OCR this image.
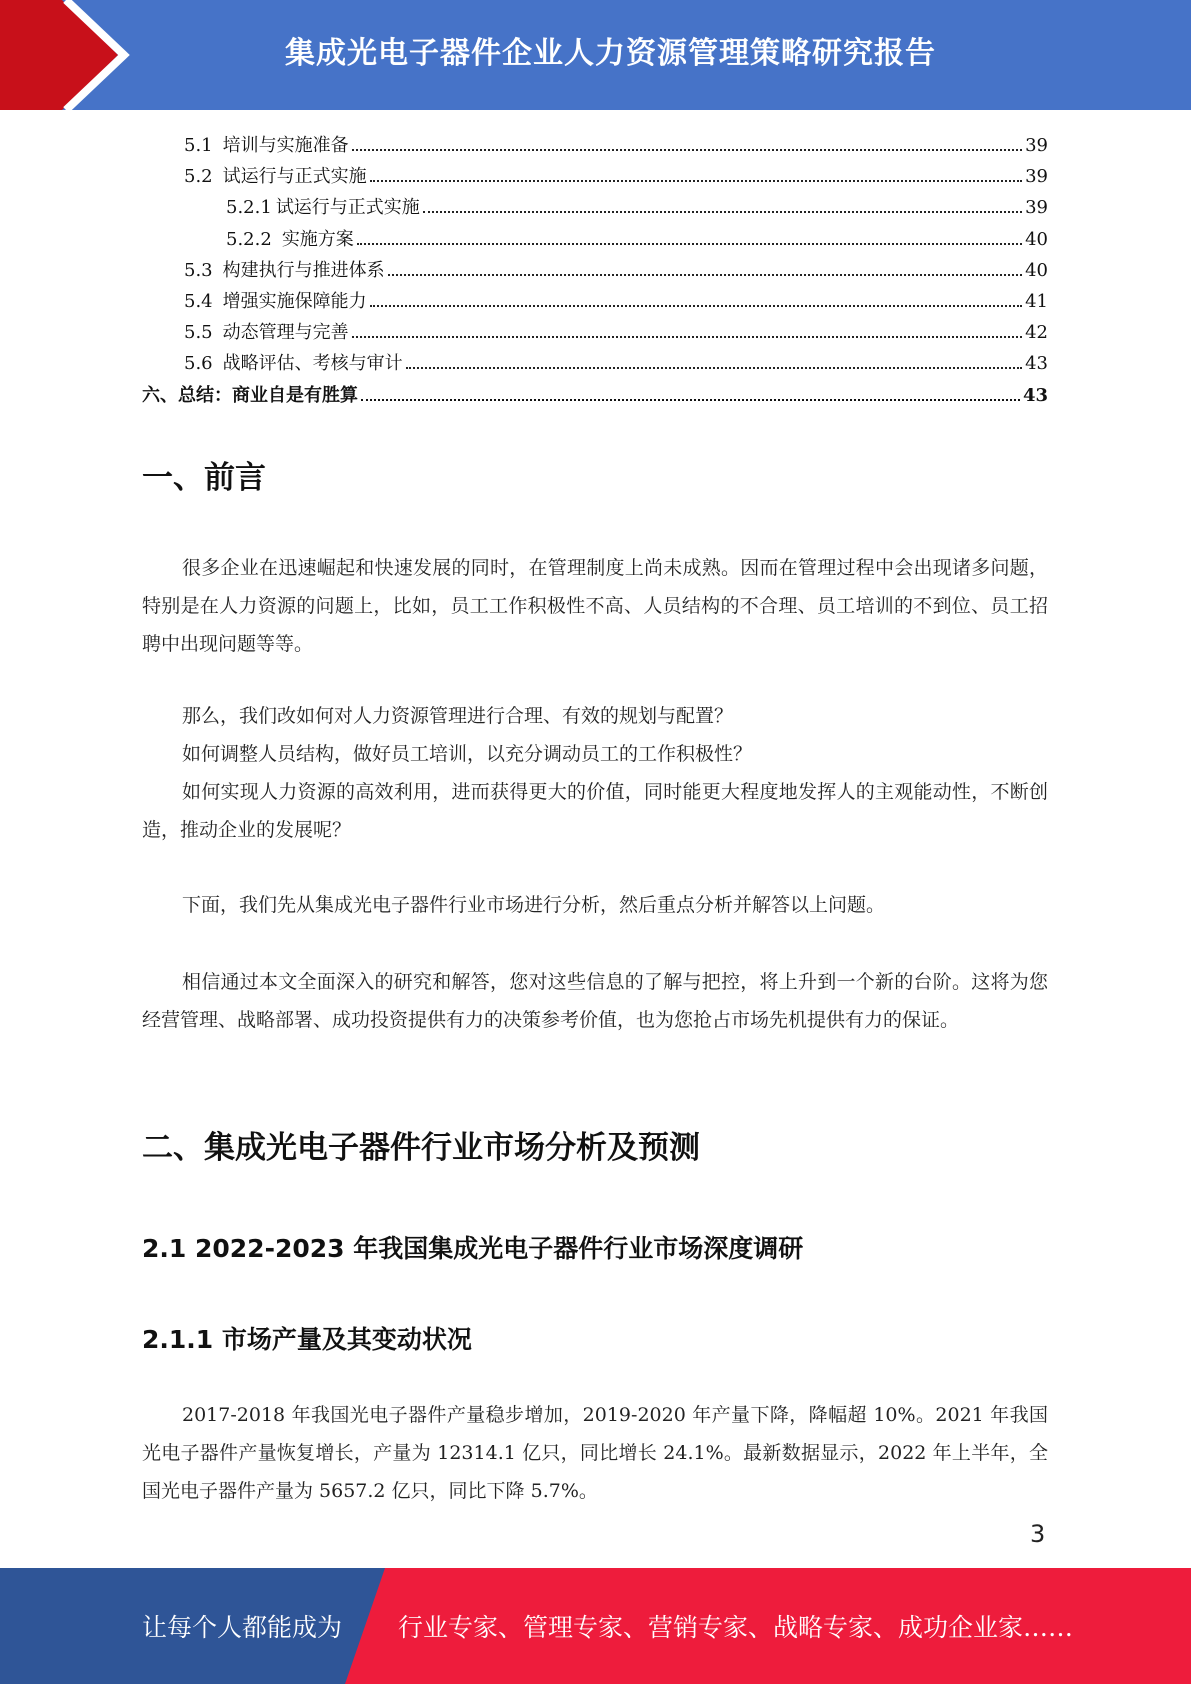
集成光电子器件企业人力资源管理策略研究报告
5.1 培训与实施准备	39
5.2 试运行与正式实施	39
5.2.1 试运行与正式实施	39
5.2.2 实施方案	40
5.3 构建执行与推进体系	40
5.4 增强实施保障能力	41
5.5 动态管理与完善	42
5.6 战略评估、考核与审计	43
六、 总结：商业自是有胜算	43
一、前言

很多企业在迅速崛起和快速发展的同时，在管理制度上尚未成熟。因而在管理过程中会出现诸多问题，特别是在人力资源的问题上，比如，员工工作积极性不高、人员结构的不合理、员工培训的不到位、员工招聘中出现问题等等。

那么，我们改如何对人力资源管理进行合理、有效的规划与配置？

如何调整人员结构，做好员工培训，以充分调动员工的工作积极性？

如何实现人力资源的高效利用，进而获得更大的价值，同时能更大程度地发挥人的主观能动性，不断创造，推动企业的发展呢？

下面，我们先从集成光电子器件行业市场进行分析，然后重点分析并解答以上问题。

相信通过本文全面深入的研究和解答，您对这些信息的了解与把控，将上升到一个新的台阶。这将为您经营管理、战略部署、成功投资提供有力的决策参考价值，也为您抢占市场先机提供有力的保证。

二、集成光电子器件行业市场分析及预测
2.1 2022-2023 年我国集成光电子器件行业市场深度调研
2.1.1 市场产量及其变动状况

2017-2018 年我国光电子器件产量稳步增加，2019-2020 年产量下降，降幅超 10%。2021 年我国光电子器件产量恢复增长，产量为 12314.1 亿只，同比增长 24.1%。最新数据显示，2022 年上半年，全国光电子器件产量为 5657.2 亿只，同比下降 5.7%。

3
让每个人都能成为 行业专家、管理专家、营销专家、战略专家、成功企业家……
